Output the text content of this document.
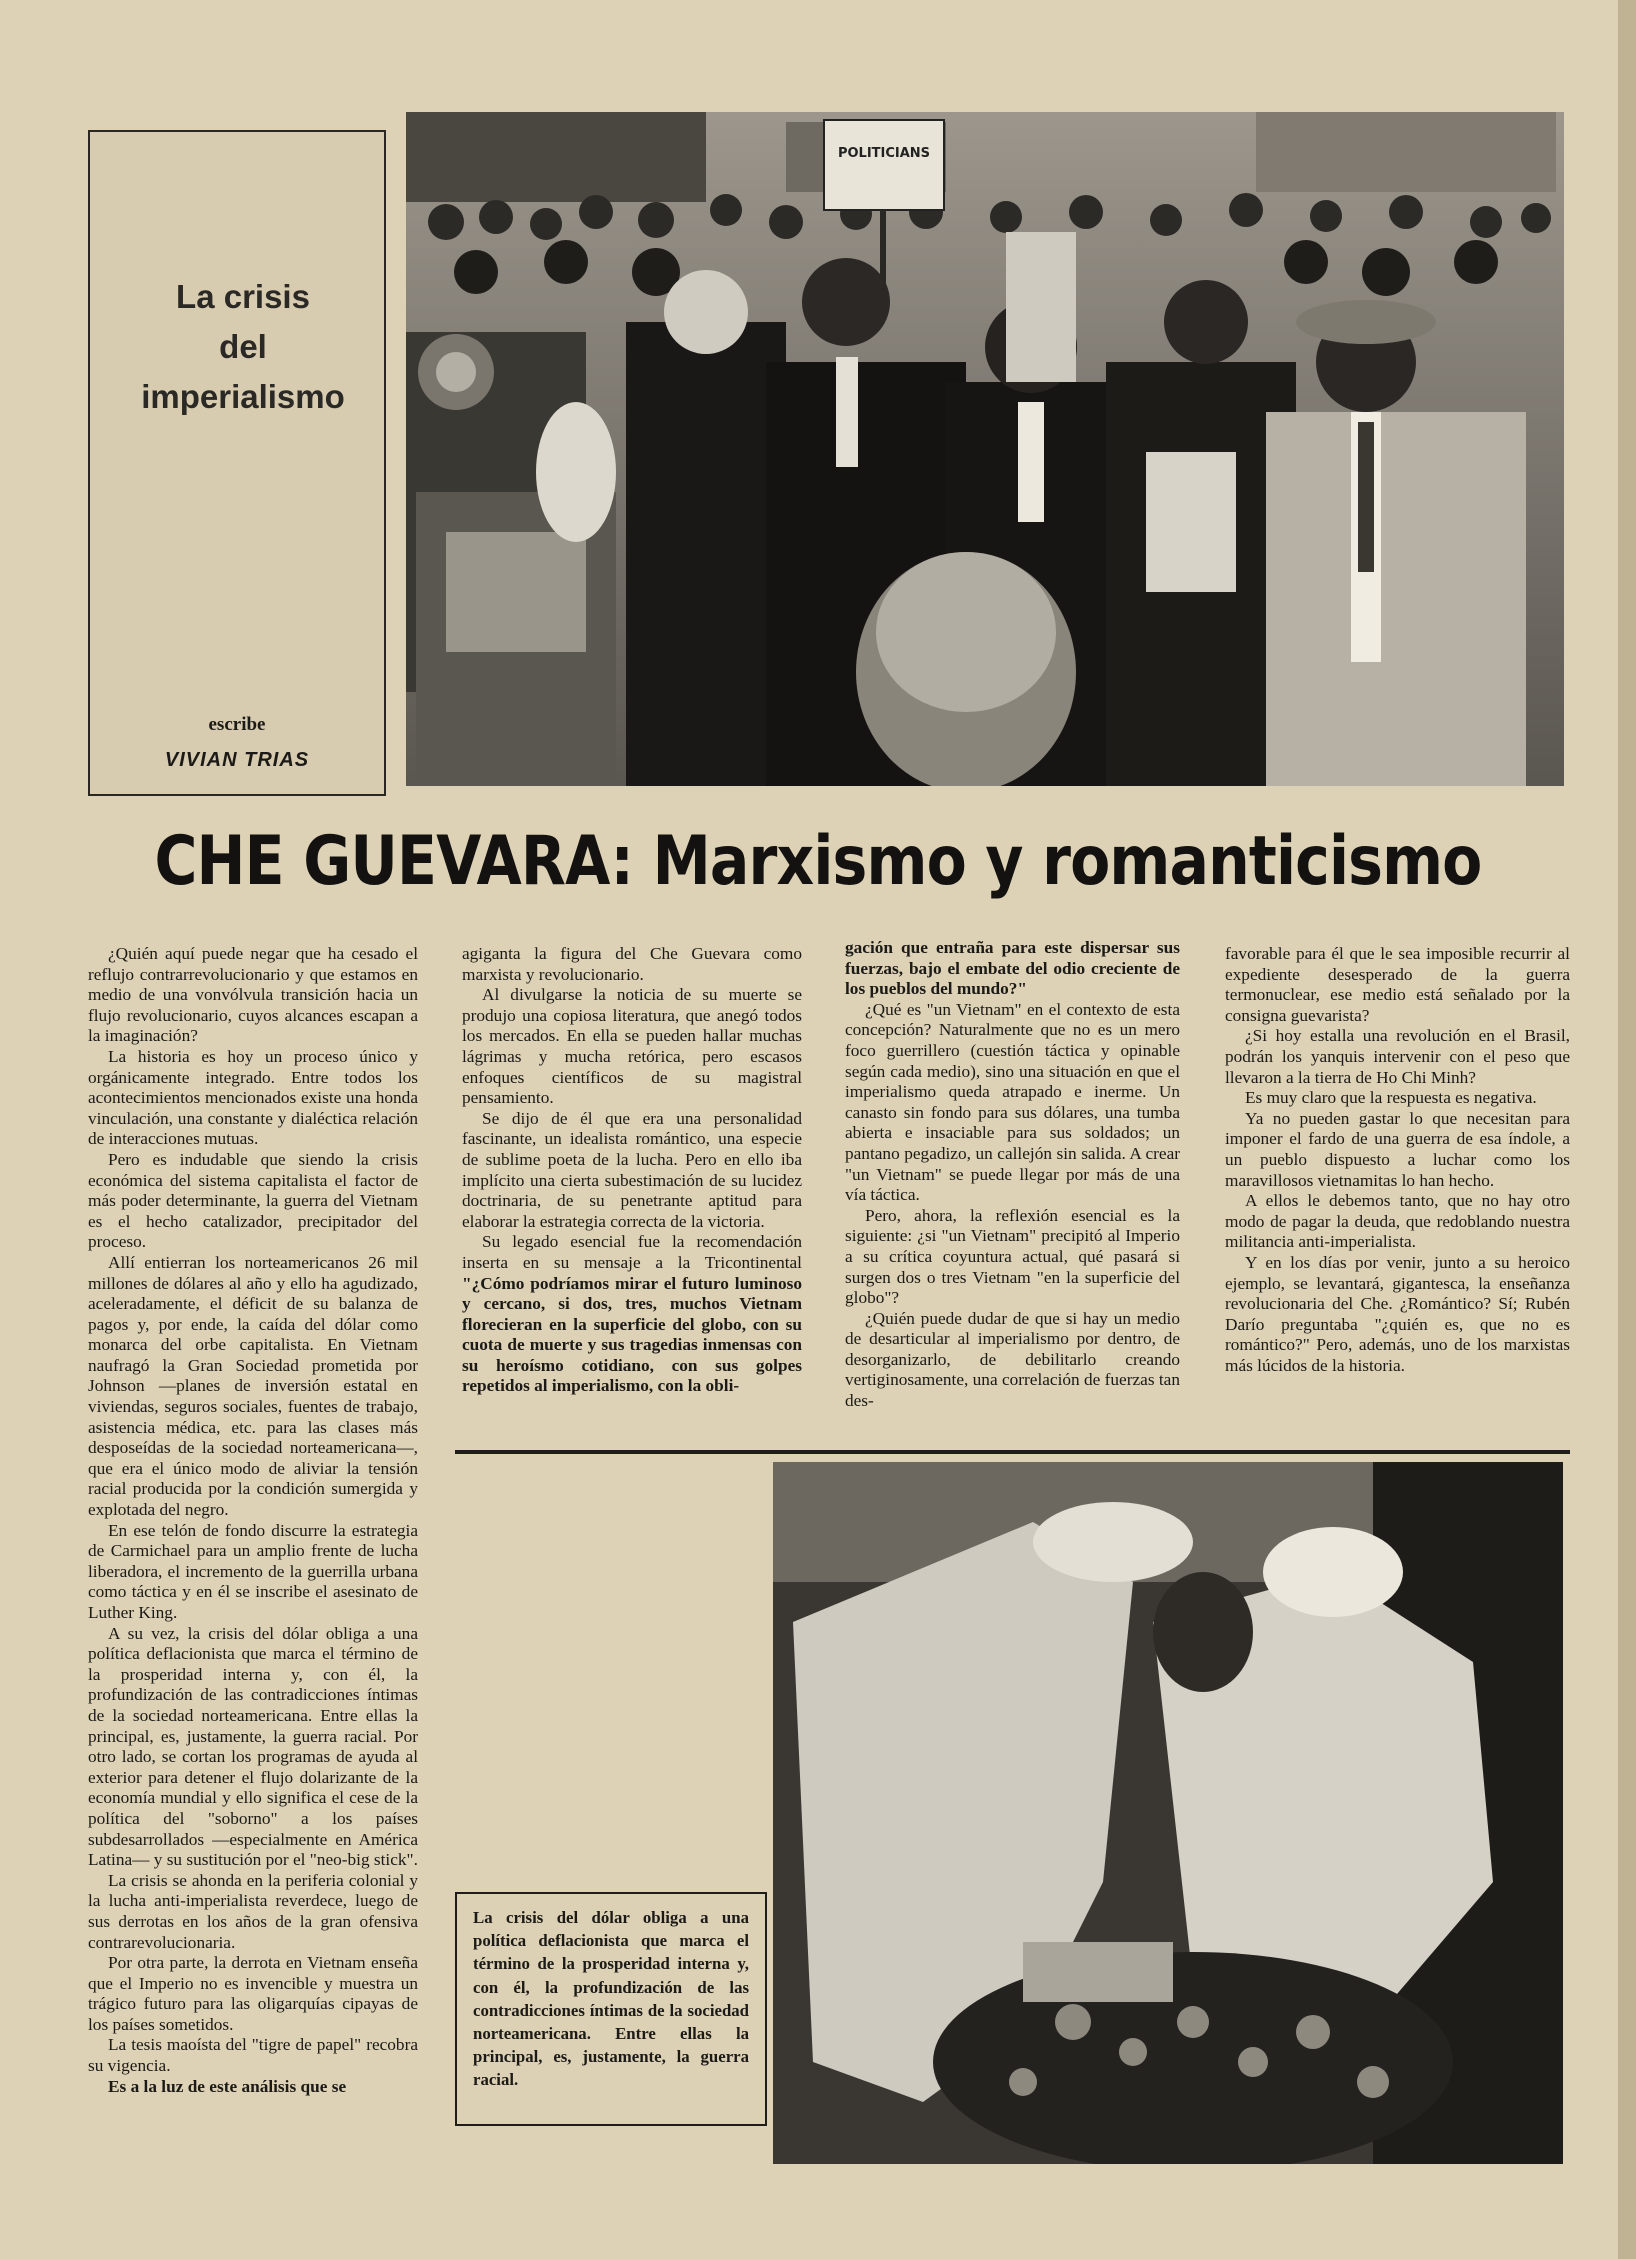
La crisis
del
imperialismo
escribe
VIVIAN TRIAS
POLITICIANS
CHE GUEVARA: Marxismo y romanticismo

¿Quién aquí puede negar que ha cesado el reflujo contrarrevolucionario y que estamos en medio de una vonvólvula transición hacia un flujo revolucionario, cuyos alcances escapan a la imaginación?

La historia es hoy un proceso único y orgánicamente integrado. Entre todos los acontecimientos mencionados existe una honda vinculación, una constante y dialéctica relación de interacciones mutuas.

Pero es indudable que siendo la crisis económica del sistema capitalista el factor de más poder determinante, la guerra del Vietnam es el hecho catalizador, precipitador del proceso.

Allí entierran los norteamericanos 26 mil millones de dólares al año y ello ha agudizado, aceleradamente, el déficit de su balanza de pagos y, por ende, la caída del dólar como monarca del orbe capitalista. En Vietnam naufragó la Gran Sociedad prometida por Johnson —planes de inversión estatal en viviendas, seguros sociales, fuentes de trabajo, asistencia médica, etc. para las clases más desposeídas de la sociedad norteamericana—, que era el único modo de aliviar la tensión racial producida por la condición sumergida y explotada del negro.

En ese telón de fondo discurre la estrategia de Carmichael para un amplio frente de lucha liberadora, el incremento de la guerrilla urbana como táctica y en él se inscribe el asesinato de Luther King.

A su vez, la crisis del dólar obliga a una política deflacionista que marca el término de la prosperidad interna y, con él, la profundización de las contradicciones íntimas de la sociedad norteamericana. Entre ellas la principal, es, justamente, la guerra racial. Por otro lado, se cortan los programas de ayuda al exterior para detener el flujo dolarizante de la economía mundial y ello significa el cese de la política del "soborno" a los países subdesarrollados —especialmente en América Latina— y su sustitución por el "neo-big stick".

La crisis se ahonda en la periferia colonial y la lucha anti-imperialista reverdece, luego de sus derrotas en los años de la gran ofensiva contrarevolucionaria.

Por otra parte, la derrota en Vietnam enseña que el Imperio no es invencible y muestra un trágico futuro para las oligarquías cipayas de los países sometidos.

La tesis maoísta del "tigre de papel" recobra su vigencia.

Es a la luz de este análisis que se

agiganta la figura del Che Guevara como marxista y revolucionario.

Al divulgarse la noticia de su muerte se produjo una copiosa literatura, que anegó todos los mercados. En ella se pueden hallar muchas lágrimas y mucha retórica, pero escasos enfoques científicos de su magistral pensamiento.

Se dijo de él que era una personalidad fascinante, un idealista romántico, una especie de sublime poeta de la lucha. Pero en ello iba implícito una cierta subestimación de su lucidez doctrinaria, de su penetrante aptitud para elaborar la estrategia correcta de la victoria.

Su legado esencial fue la recomendación inserta en su mensaje a la Tricontinental "¿Cómo podríamos mirar el futuro luminoso y cercano, si dos, tres, muchos Vietnam florecieran en la superficie del globo, con su cuota de muerte y sus tragedias inmensas con su heroísmo cotidiano, con sus golpes repetidos al imperialismo, con la obli-

gación que entraña para este dispersar sus fuerzas, bajo el embate del odio creciente de los pueblos del mundo?"

¿Qué es "un Vietnam" en el contexto de esta concepción? Naturalmente que no es un mero foco guerrillero (cuestión táctica y opinable según cada medio), sino una situación en que el imperialismo queda atrapado e inerme. Un canasto sin fondo para sus dólares, una tumba abierta e insaciable para sus soldados; un pantano pegadizo, un callejón sin salida. A crear "un Vietnam" se puede llegar por más de una vía táctica.

Pero, ahora, la reflexión esencial es la siguiente: ¿si "un Vietnam" precipitó al Imperio a su crítica coyuntura actual, qué pasará si surgen dos o tres Vietnam "en la superficie del globo"?

¿Quién puede dudar de que si hay un medio de desarticular al imperialismo por dentro, de desorganizarlo, de debilitarlo creando vertiginosamente, una correlación de fuerzas tan des-

favorable para él que le sea imposible recurrir al expediente desesperado de la guerra termonuclear, ese medio está señalado por la consigna guevarista?

¿Si hoy estalla una revolución en el Brasil, podrán los yanquis intervenir con el peso que llevaron a la tierra de Ho Chi Minh?

Es muy claro que la respuesta es negativa.

Ya no pueden gastar lo que necesitan para imponer el fardo de una guerra de esa índole, a un pueblo dispuesto a luchar como los maravillosos vietnamitas lo han hecho.

A ellos le debemos tanto, que no hay otro modo de pagar la deuda, que redoblando nuestra militancia anti-imperialista.

Y en los días por venir, junto a su heroico ejemplo, se levantará, gigantesca, la enseñanza revolucionaria del Che. ¿Romántico? Sí; Rubén Darío preguntaba "¿quién es, que no es romántico?" Pero, además, uno de los marxistas más lúcidos de la historia.

La crisis del dólar obliga a una política deflacionista que marca el término de la prosperidad interna y, con él, la profundización de las contradicciones íntimas de la sociedad norteamericana. Entre ellas la principal, es, justamente, la guerra racial.
